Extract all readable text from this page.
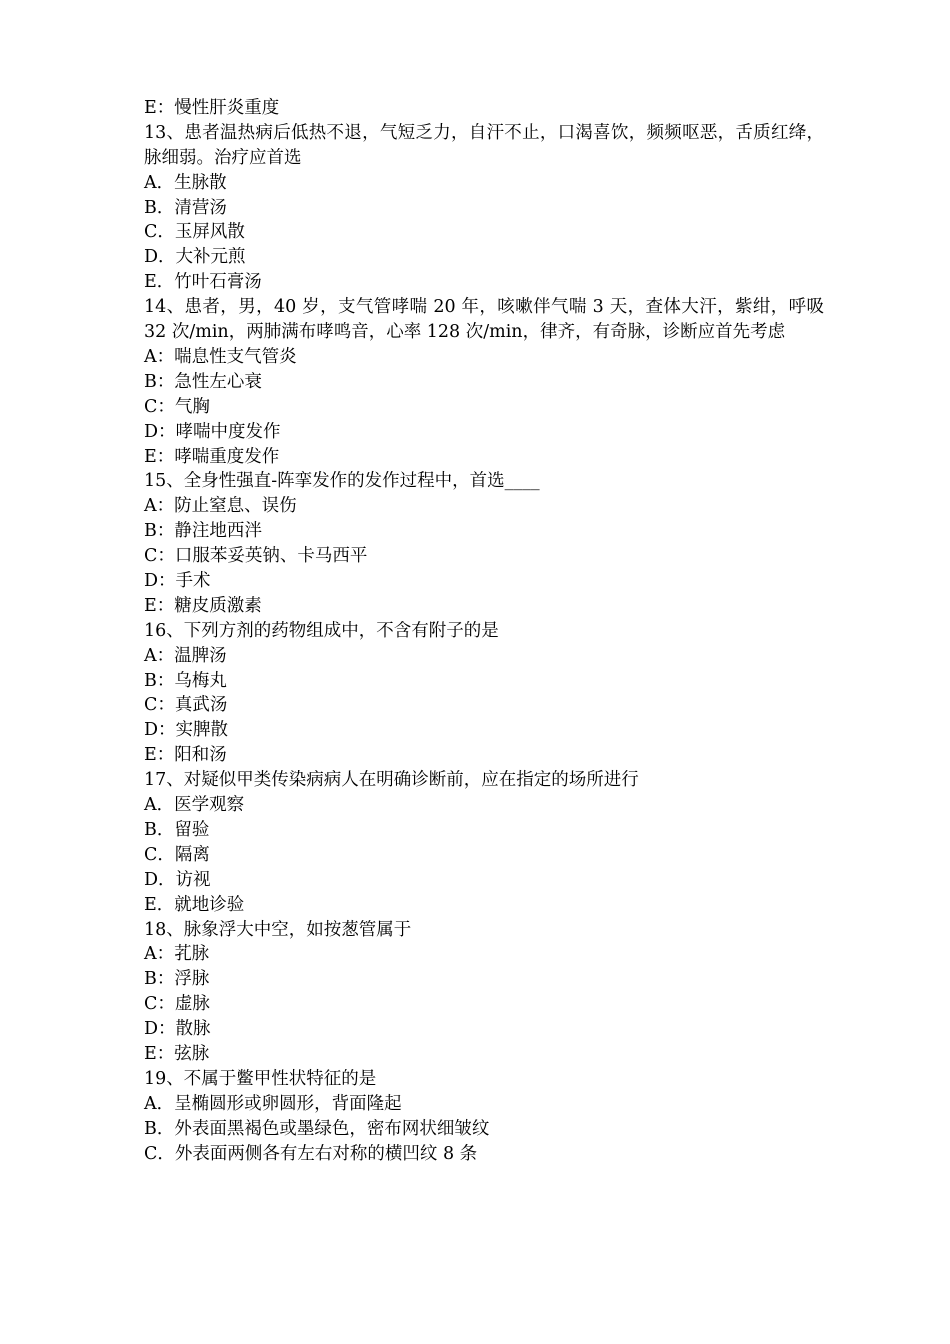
E：慢性肝炎重度
13、患者温热病后低热不退，气短乏力，自汗不止，口渴喜饮，频频呕恶，舌质红绛，脉细弱。治疗应首选
A．生脉散
B．清营汤
C．玉屏风散
D．大补元煎
E．竹叶石膏汤
14、患者，男，40 岁，支气管哮喘 20 年，咳嗽伴气喘 3 天，查体大汗，紫绀，呼吸 32 次/min，两肺满布哮鸣音，心率 128 次/min，律齐，有奇脉，诊断应首先考虑
A：喘息性支气管炎
B：急性左心衰
C：气胸
D：哮喘中度发作
E：哮喘重度发作
15、全身性强直-阵挛发作的发作过程中，首选____
A：防止窒息、误伤
B：静注地西泮
C：口服苯妥英钠、卡马西平
D：手术
E：糖皮质激素
16、下列方剂的药物组成中，不含有附子的是
A：温脾汤
B：乌梅丸
C：真武汤
D：实脾散
E：阳和汤
17、对疑似甲类传染病病人在明确诊断前，应在指定的场所进行
A．医学观察
B．留验
C．隔离
D．访视
E．就地诊验
18、脉象浮大中空，如按葱管属于
A：芤脉
B：浮脉
C：虚脉
D：散脉
E：弦脉
19、不属于鳖甲性状特征的是
A．呈椭圆形或卵圆形，背面隆起
B．外表面黑褐色或墨绿色，密布网状细皱纹
C．外表面两侧各有左右对称的横凹纹 8 条
